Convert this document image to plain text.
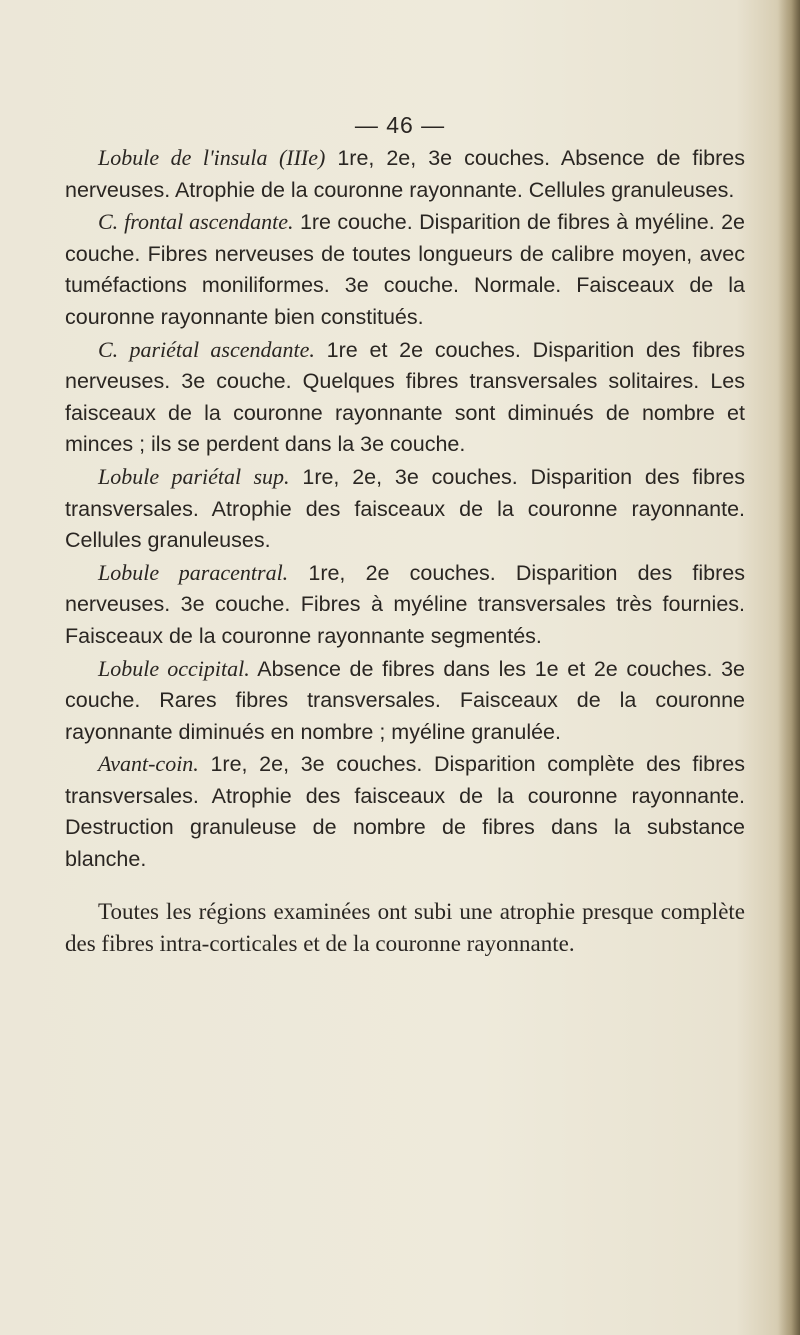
— 46 —

Lobule de l'insula (IIIe) 1re, 2e, 3e couches. Absence de fibres nerveuses. Atrophie de la couronne rayonnante. Cellules granuleuses.

C. frontal ascendante. 1re couche. Disparition de fibres à myéline. 2e couche. Fibres nerveuses de toutes longueurs de calibre moyen, avec tuméfactions moniliformes. 3e couche. Normale. Faisceaux de la couronne rayonnante bien constitués.

C. pariétal ascendante. 1re et 2e couches. Disparition des fibres nerveuses. 3e couche. Quelques fibres transversales solitaires. Les faisceaux de la couronne rayonnante sont diminués de nombre et minces ; ils se perdent dans la 3e couche.

Lobule pariétal sup. 1re, 2e, 3e couches. Disparition des fibres transversales. Atrophie des faisceaux de la couronne rayonnante. Cellules granuleuses.

Lobule paracentral. 1re, 2e couches. Disparition des fibres nerveuses. 3e couche. Fibres à myéline transversales très fournies. Faisceaux de la couronne rayonnante segmentés.

Lobule occipital. Absence de fibres dans les 1e et 2e couches. 3e couche. Rares fibres transversales. Faisceaux de la couronne rayonnante diminués en nombre ; myéline granulée.

Avant-coin. 1re, 2e, 3e couches. Disparition complète des fibres transversales. Atrophie des faisceaux de la couronne rayonnante. Destruction granuleuse de nombre de fibres dans la substance blanche.

Toutes les régions examinées ont subi une atrophie presque complète des fibres intra-corticales et de la couronne rayonnante.
